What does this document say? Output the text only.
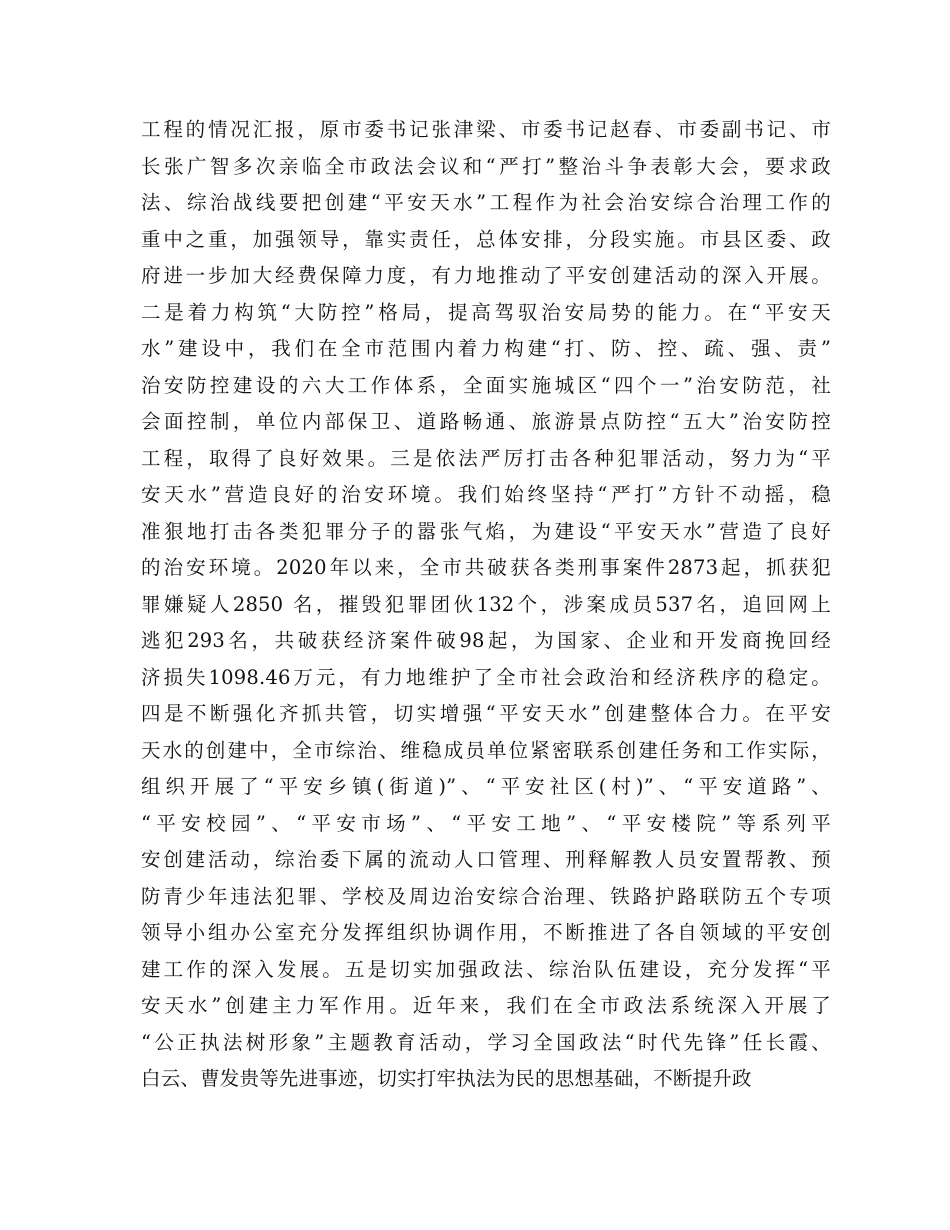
工程的情况汇报，原市委书记张津梁、市委书记赵春、市委副书记、市
长张广智多次亲临全市政法会议和“严打”整治斗争表彰大会，要求政
法、综治战线要把创建“平安天水”工程作为社会治安综合治理工作的
重中之重，加强领导，靠实责任，总体安排，分段实施。市县区委、政
府进一步加大经费保障力度，有力地推动了平安创建活动的深入开展。
二是着力构筑“大防控”格局，提高驾驭治安局势的能力。在“平安天
水”建设中，我们在全市范围内着力构建“打、防、控、疏、强、责”
治安防控建设的六大工作体系，全面实施城区“四个一”治安防范，社
会面控制，单位内部保卫、道路畅通、旅游景点防控“五大”治安防控
工程，取得了良好效果。三是依法严厉打击各种犯罪活动，努力为“平
安天水”营造良好的治安环境。我们始终坚持“严打”方针不动摇，稳
准狠地打击各类犯罪分子的嚣张气焰，为建设“平安天水”营造了良好
的治安环境。2020年以来，全市共破获各类刑事案件2873起，抓获犯
罪嫌疑人2850 名，摧毁犯罪团伙132个，涉案成员537名，追回网上
逃犯293名，共破获经济案件破98起，为国家、企业和开发商挽回经
济损失1098.46万元，有力地维护了全市社会政治和经济秩序的稳定。
四是不断强化齐抓共管，切实增强“平安天水”创建整体合力。在平安
天水的创建中，全市综治、维稳成员单位紧密联系创建任务和工作实际，
组织开展了“平安乡镇(街道)”、“平安社区(村)”、“平安道路”、
“平安校园”、“平安市场”、“平安工地”、“平安楼院”等系列平
安创建活动，综治委下属的流动人口管理、刑释解教人员安置帮教、预
防青少年违法犯罪、学校及周边治安综合治理、铁路护路联防五个专项
领导小组办公室充分发挥组织协调作用，不断推进了各自领域的平安创
建工作的深入发展。五是切实加强政法、综治队伍建设，充分发挥“平
安天水”创建主力军作用。近年来，我们在全市政法系统深入开展了
“公正执法树形象”主题教育活动，学习全国政法“时代先锋”任长霞、
白云、曹发贵等先进事迹，切实打牢执法为民的思想基础，不断提升政
